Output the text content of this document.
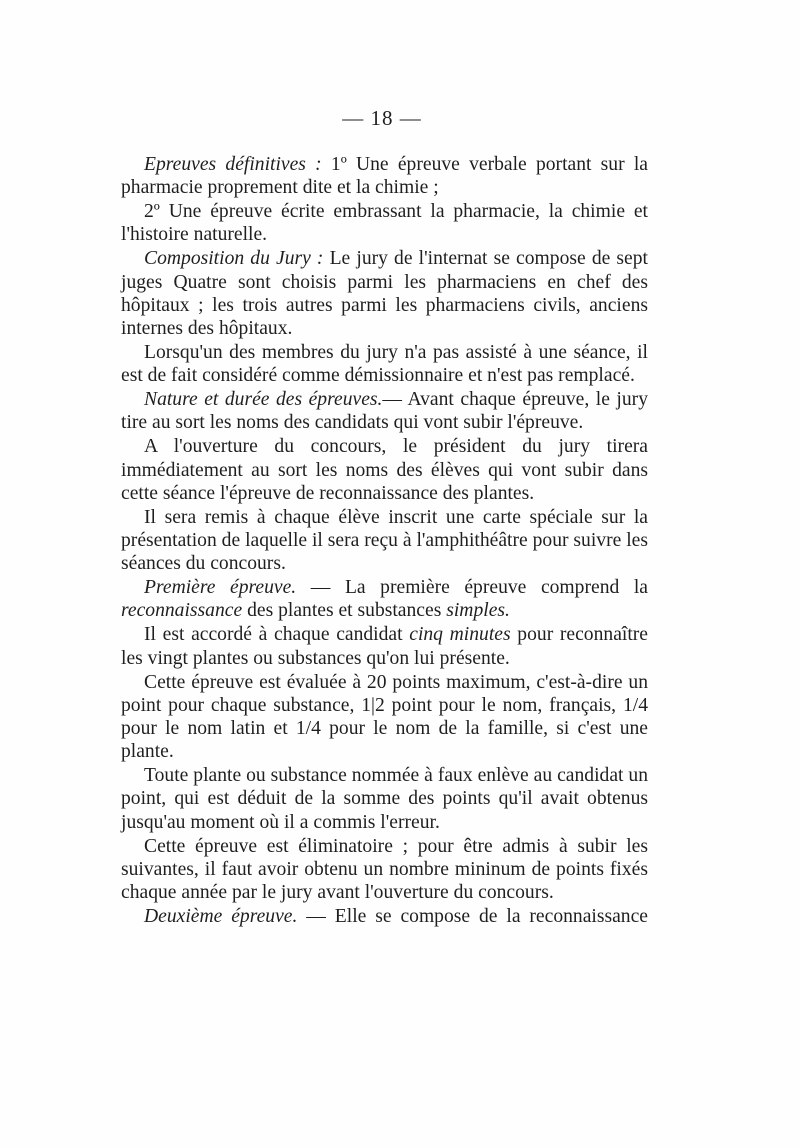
— 18 —

Epreuves définitives : 1º Une épreuve verbale portant sur la pharmacie proprement dite et la chimie ;

2º Une épreuve écrite embrassant la pharmacie, la chimie et l'histoire naturelle.

Composition du Jury : Le jury de l'internat se compose de sept juges Quatre sont choisis parmi les pharmaciens en chef des hôpitaux ; les trois autres parmi les pharmaciens civils, anciens internes des hôpitaux.

Lorsqu'un des membres du jury n'a pas assisté à une séance, il est de fait considéré comme démissionnaire et n'est pas remplacé.

Nature et durée des épreuves.— Avant chaque épreuve, le jury tire au sort les noms des candidats qui vont subir l'épreuve.

A l'ouverture du concours, le président du jury tirera immédiatement au sort les noms des élèves qui vont subir dans cette séance l'épreuve de reconnaissance des plantes.

Il sera remis à chaque élève inscrit une carte spéciale sur la présentation de laquelle il sera reçu à l'amphithéâtre pour suivre les séances du concours.

Première épreuve. — La première épreuve comprend la reconnaissance des plantes et substances simples.

Il est accordé à chaque candidat cinq minutes pour reconnaître les vingt plantes ou substances qu'on lui présente.

Cette épreuve est évaluée à 20 points maximum, c'est-à-dire un point pour chaque substance, 1|2 point pour le nom, français, 1/4 pour le nom latin et 1/4 pour le nom de la famille, si c'est une plante.

Toute plante ou substance nommée à faux enlève au candidat un point, qui est déduit de la somme des points qu'il avait obtenus jusqu'au moment où il a commis l'erreur.

Cette épreuve est éliminatoire ; pour être admis à subir les suivantes, il faut avoir obtenu un nombre mininum de points fixés chaque année par le jury avant l'ouverture du concours.

Deuxième épreuve. — Elle se compose de la reconnaissance
